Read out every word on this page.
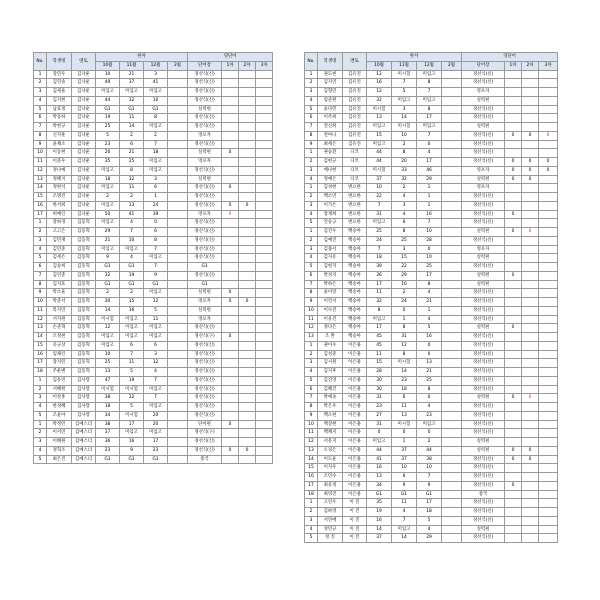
No.	학생명	멘토	한자				영단어			
			10월	11월	12월	2월	단어장	1차	2차	3차
1	강민우	김낙운	10	21	3		경선식(신)			
2	김민솔	김낙운	49	37	41		경선식(신)			
3	김세율	김낙운	미입고	미입고	미입고		경선식(신)			
4	김지현	김낙운	44	32	10		경선식(신)			
5	남효정	김낙운	G1	G1	G1		실력편			
6	박동하	김낙운	19	11	8		경선식(신)			
7	박현규	김낙운	25	14	미입고		경선식(신)			
8	신지훈	김낙운	5	2	2		영포자			
9	윤채소	김낙운	23	6	7		경선식(신)			
10	이동현	김낙운	26	21	18		실력편	0		
11	이준우	김낙운	35	25	미입고		영포자			
12	정나예	김낙운	미입고	8	미입고		경선식(신)			
13	정혜지	김낙운	18	12	3		실력편			
14	정현석	김낙운	미입고	11	6		경선식(신)	0		
15	조명진	김낙운	2	2	1		경선식(신)			
16	한서희	김낙운	미입고	13	24		경선식(신)	0	0	
17	허예인	김낙운	50	41	39		영포자	0		
1	강하경	김동혁	미입고	4	0		경선식(신)			
2	고고은	김동혁	29	7	6		경선식(신)			
3	김민재	김동혁	21	10	8		경선식(신)			
4	김민준	김동혁	미입고	미입고	7		경선식(신)			
5	김세은	김동혁	9	4	미입고		경선식(신)			
6	김승희	김동혁	G1	G1	7		G1			
7	김연준	김동혁	32	19	9		경선식(신)			
8	김지효	김동혁	G1	G1	G1		G1			
9	박소율	김동혁	2	2	미입고		실력편	0		
10	박준서	김동혁	30	15	12		영포자	0	0	
11	복지연	김동혁	14	16	5		실력편			
12	서지원	김동혁	미시험	미입고	11		영포자			
13	손준혁	김동혁	12	미입고	미입고		경선식(신)			
14	오정현	김동혁	미입고	미입고	미입고		경선식(구)	0		
15	유규상	김동혁	미입고	6	6		경선식(신)			
16	임채린	김동혁	10	7	3		경선식(신)			
17	장지민	김동혁	25	11	12		경선식(신)			
18	주운별	김동혁	13	5	4		경선식(신)			
1	김유빈	김사랑	47	19	7		경선식(신)			
2	서혜원	김사랑	미시험	미시험	미입고		경선식(신)			
3	이찬홍	김사랑	38	32	7		경선식(신)			
4	한경혜	김사랑	18	5	미입고		경선식(신)			
5	조윤아	김사랑	34	미시험	20		경선식(신)			
1	박정민	김예스더	38	17	20		단어편	0		
2	이서연	김예스더	37	미입고	미입고		경선식(구)			
3	이해원	김예스더	36	16	17		경선식(신)			
4	정혁조	김예스더	23	9	23		경선식(신)	0	0	
5	최은진	김예스더	G1	G1	G1		중국			
No.	학생명	멘토	한자				영단어			
			10월	11월	12월	2월	단어장	1차	2차	3차
1	권도현	김유진	12	미시험	미입고		경선식(신)			
2	김지연	김유진	16	7	8		경선식(신)			
3	김형민	김유진	12	5	7		영포자			
4	염준원	김유진	32	미입고	미입고		실력편			
5	윤다민	김유진	미시험	3	8		경선식(신)			
6	이주희	김유진	13	14	17		경선식(신)			
7	전신희	김유진	미입고	미시험	미입고		실력편			
8	전아나	김유진	15	10	7		경선식(신)	0	0	0
9	최세은	김유진	미입고	2	0		경선식(신)			
1	권승환	디코	44	8	4		경선식(신)			
2	김현규	디코	44	20	17		경선식(신)	0	0	0
3	배나현	디코	미시험	33	46		영포자	0	0	0
4	정예은	디코	37	32	29		실력편	0	0	
1	김성현	변요한	10	2	1		영포자			
2	백소연	변요한	22	4	1		경선식(신)			
3	이가은	변요한	7	3	1		경선식(신)			
4	장재희	변요한	31	4	16		경선식(신)	0		
5	진승규	변요한	미입고	6	7		경선식(신)			
1	김건우	백승아	25	8	10		실력편	0	0	
2	김예진	백승아	24	25	28		경선식(신)			
3	김종서	백승아	7	3	0		영포자			
4	김지유	백승아	18	15	10		실력편			
5	김현지	백승아	39	22	25		경선식(신)			
6	박성지	백승아	36	29	17		실력편	0		
7	박하은	백승아	17	16	8		실력편			
8	윤이랑	백승아	11	2	4		경선식(신)			
9	이연서	백승아	32	24	21		경선식(신)			
10	이수진	백승아	8	0	1		경선식(신)			
11	이유진	백승아	미입고	1	4		경선식(신)			
12	정다은	백승아	17	8	5		실력편	0		
13	조 완	백승아	45	31	16		경선식(신)			
1	권이수	이은용	45	12	0		경선식(신)			
2	김성준	이은용	11	8	0		경선식(신)			
3	김시원	이은용	15	미시험	13		경선식(신)			
4	김지후	이은용	28	14	21		경선식(신)			
5	김진영	이은용	30	23	25		경선식(신)			
6	김혜진	이은용	30	18	8		경선식(신)			
7	박예솔	이은용	31	6	0		실력편	0	0	
8	박은우	이은용	23	11	4		경선식(신)			
9	백소현	이은용	27	13	23		경선식(신)			
10	백상현	이은용	31	미시험	미입고		경선식(신)			
11	백채지	이은용	0	0	0		경선식(신)			
12	서유지	이은용	미입고	1	2		실력편			
13	오경은	이은용	44	37	44		실력편	0	0	
14	이도윤	이은용	41	37	38		경선식(신)	0	0	
15	이지우	이은용	16	10	10		경선식(신)			
16	조민수	이은용	13	6	7		경선식(신)			
17	최유정	이은용	34	9	9		경선식(신)	0		
18	최영진	이은용	G1	G1	G1		중국			
1	고연우	이 진	35	11	17		경선식(신)			
2	김하영	이 진	19	4	18		경선식(신)			
3	서연애	이 진	16	7	5		경선식(신)			
4	성민규	이 진	14	미입고	4		실력편			
5	정 진	이 진	37	14	29		경선식(신)			
